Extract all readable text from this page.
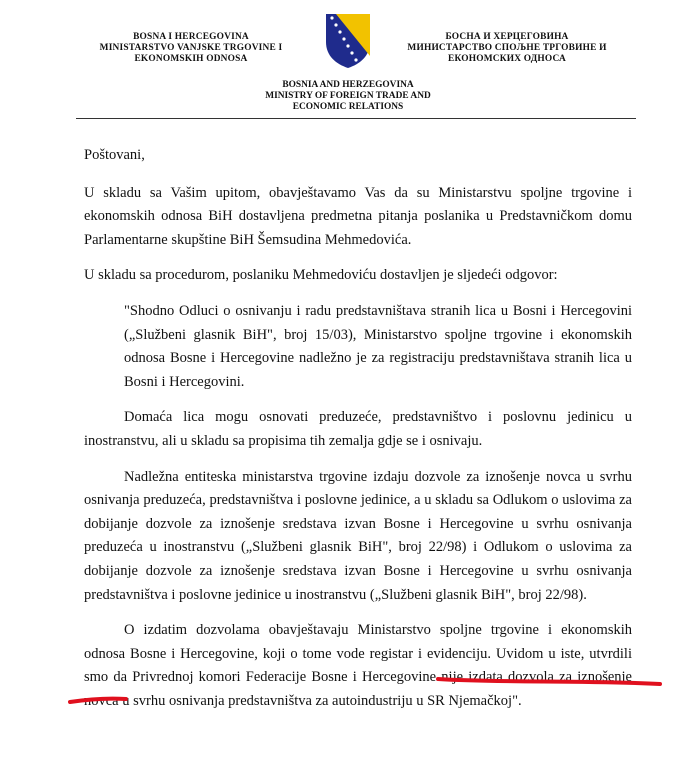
BOSNA I HERCEGOVINA
MINISTARSTVO VANJSKE TRGOVINE I
EKONOMSKIH ODNOSA
БОСНА И ХЕРЦЕГОВИНА
МИНИСТАРСТВО СПОЉНЕ ТРГОВИНЕ И
ЕКОНОМСКИХ ОДНОСА
BOSNIA AND HERZEGOVINA
MINISTRY OF FOREIGN TRADE AND
ECONOMIC RELATIONS

Poštovani,

U skladu sa Vašim upitom, obavještavamo Vas da su Ministarstvu spoljne trgovine i ekonomskih odnosa BiH dostavljena predmetna pitanja poslanika u Predstavničkom domu Parlamentarne skupštine BiH Šemsudina Mehmedovića.

U skladu sa procedurom, poslaniku Mehmedoviću dostavljen je sljedeći odgovor:

"Shodno Odluci o osnivanju i radu predstavništava stranih lica u Bosni i Hercegovini („Službeni glasnik BiH", broj 15/03), Ministarstvo spoljne trgovine i ekonomskih odnosa Bosne i Hercegovine nadležno je za registraciju predstavništava stranih lica u Bosni i Hercegovini.

Domaća lica mogu osnovati preduzeće, predstavništvo i poslovnu jedinicu u inostranstvu, ali u skladu sa propisima tih zemalja gdje se i osnivaju.

Nadležna entiteska ministarstva trgovine izdaju dozvole za iznošenje novca u svrhu osnivanja preduzeća, predstavništva i poslovne jedinice, a u skladu sa Odlukom o uslovima za dobijanje dozvole za iznošenje sredstava izvan Bosne i Hercegovine u svrhu osnivanja preduzeća u inostranstvu („Službeni glasnik BiH", broj 22/98) i Odlukom o uslovima za dobijanje dozvole za iznošenje sredstava izvan Bosne i Hercegovine u svrhu osnivanja predstavništva i poslovne jedinice u inostranstvu („Službeni glasnik BiH", broj 22/98).

O izdatim dozvolama obavještavaju Ministarstvo spoljne trgovine i ekonomskih odnosa Bosne i Hercegovine, koji o tome vode registar i evidenciju. Uvidom u iste, utvrdili smo da Privrednoj komori Federacije Bosne i Hercegovine nije izdata dozvola za iznošenje novca u svrhu osnivanja predstavništva za autoindustriju u SR Njemačkoj".
